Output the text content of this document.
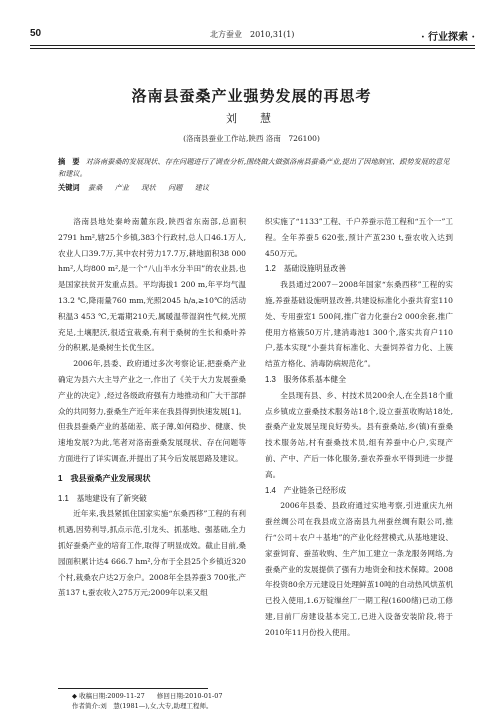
50	北方蚕业　2010,31(1)	· 行业探索 ·
洛南县蚕桑产业强势发展的再思考
刘　慧
(洛南县蚕业工作站,陕西 洛南　726100)
摘　要 对洛南蚕桑的发展现状、存在问题进行了调查分析,围绕做大做强洛南县蚕桑产业,提出了因地制宜、跟势发展的意见和建议。
关键词 蚕桑 产业 现状 问题 建议

洛南县地处秦岭南麓东段,陕西省东南部,总面积2791 hm²,辖25个乡镇,383个行政村,总人口46.1万人,农业人口39.7万,其中农村劳力17.7万,耕地面积38 000 hm²,人均800 m²,是一个“八山半水分半田”的农业县,也是国家扶贫开发重点县。平均海拔1 200 m,年平均气温13.2 ℃,降雨量760 mm,光照2045 h/a,≥10℃的活动积温3 453 ℃,无霜期210天,属暖温带湿润性气候,光照充足,土壤肥沃,很适宜栽桑,有利于桑树的生长和桑叶养分的积累,是桑树生长优生区。

2006年,县委、政府通过多次考察论证,把蚕桑产业确定为县六大主导产业之一,作出了《关于大力发展蚕桑产业的决定》,经过各级政府强有力地推动和广大干部群众的共同努力,蚕桑生产近年来在我县得到快速发展[1]。但我县蚕桑产业的基础差、底子薄,如何稳步、健康、快速地发展?为此,笔者对洛南蚕桑发展现状、存在问题等方面进行了详实调查,并提出了其今后发展思路及建议。

1　我县蚕桑产业发展现状
1.1　基地建设有了新突破

近年来,我县紧抓住国家实施“东桑西移”工程的有利机遇,因势利导,抓点示范,引龙头、抓基地、强基础,全力抓好蚕桑产业的培育工作,取得了明显成效。截止目前,桑园面积累计达4 666.7 hm²,分布于全县25个乡镇近320个村,栽桑农户达2万余户。2008年全县养蚕3 700张,产茧137 t,蚕农收入275万元;2009年以来又组

织实施了“1133”工程、千户养蚕示范工程和“五个一”工程。全年养蚕5 620张,预计产茧230 t,蚕农收入达到450万元。

1.2　基础设施明显改善

我县通过2007－2008年国家“东桑西移”工程的实施,养蚕基础设施明显改善,共建设标准化小蚕共育室110处、专用蚕室1 500间,推广省力化蚕台2 000余套,推广使用方格簇50万片,建消毒池1 300个,落实共育户110户,基本实现“小蚕共育标准化、大蚕饲养省力化、上簇结茧方格化、消毒防病规范化”。

1.3　服务体系基本健全

全县现有县、乡、村技术员200余人,在全县18个重点乡镇成立蚕桑技术服务站18个,设立蚕茧收购站18处,蚕桑产业发展呈现良好势头。县有蚕桑站,乡(镇)有蚕桑技术服务站,村有蚕桑技术员,组有养蚕中心户,实现产前、产中、产后一体化服务,蚕农养蚕水平得到进一步提高。

1.4　产业链条已经形成

2006年县委、县政府通过实地考察,引进重庆九州蚕丝绸公司在我县成立洛南县九州蚕丝绸有限公司,推行“公司＋农户＋基地”的产业化经营模式,从基地建设、家蚕饲育、蚕茧收购、生产加工建立一条龙服务网络,为蚕桑产业的发展提供了强有力地资金和技术保障。2008年投资80余万元建设日处理鲜茧10吨的自动热风烘茧机已投入使用,1.6万锭缫丝厂一期工程(1600绪)已动工修建,目前厂房建设基本完工,已进入设备安装阶段,将于2010年11月份投入使用。

◆ 收稿日期:2009-11-27 修回日期:2010-01-07
作者简介:刘　慧(1981—),女,大专,助理工程师。
